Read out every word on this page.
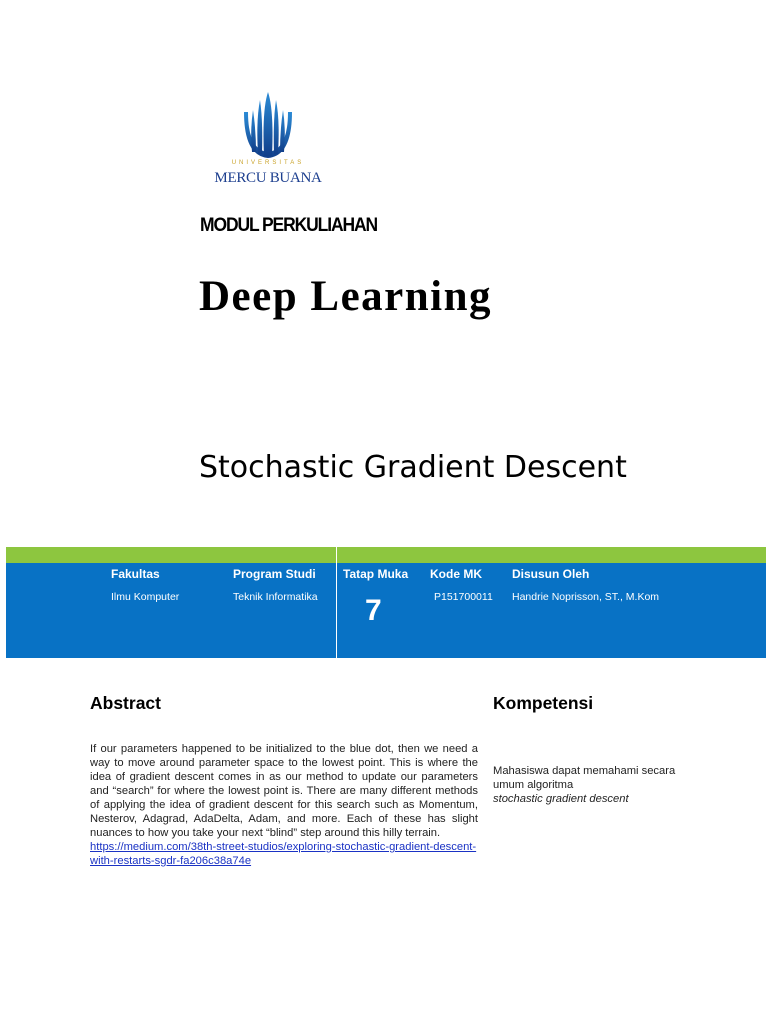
UNIVERSITAS
MERCU BUANA
MODUL PERKULIAHAN
Deep Learning
Stochastic Gradient Descent
Fakultas
Ilmu Komputer
Program Studi
Teknik Informatika
Tatap Muka
7
Kode MK
P151700011
Disusun Oleh
Handrie Noprisson, ST., M.Kom
Abstract	Kompetensi
If our parameters happened to be initialized to the blue dot, then we need a way to move around parameter space to the lowest point. This is where the idea of gradient descent comes in as our method to update our parameters and “search” for where the lowest point is. There are many different methods of applying the idea of gradient descent for this search such as Momentum, Nesterov, Adagrad, AdaDelta, Adam, and more. Each of these has slight nuances to how you take your next “blind” step around this hilly terrain.
https://medium.com/38th-street-studios/exploring-stochastic-gradient-descent-with-restarts-sgdr-fa206c38a74e
Mahasiswa dapat memahami secara umum algoritma
stochastic gradient descent
